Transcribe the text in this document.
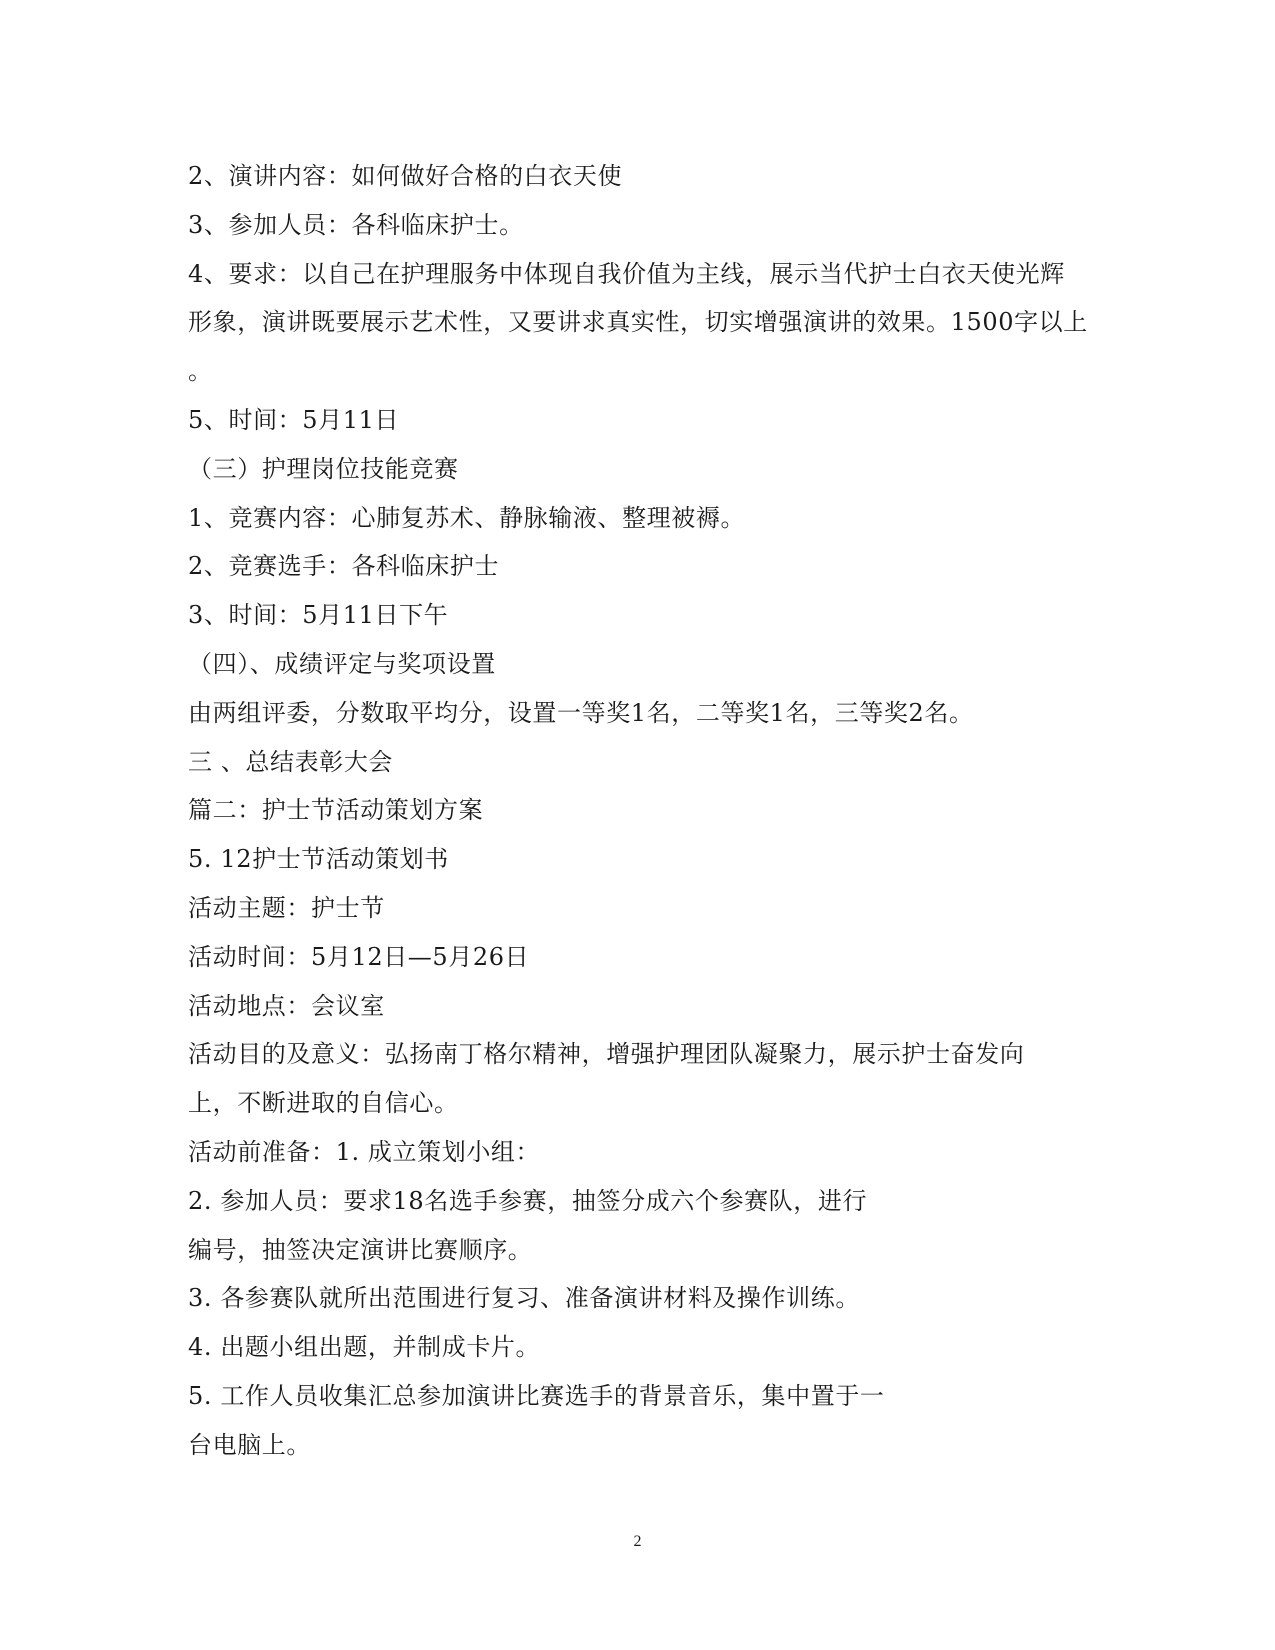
2、演讲内容：如何做好合格的白衣天使
3、参加人员：各科临床护士。
4、要求：以自己在护理服务中体现自我价值为主线，展示当代护士白衣天使光辉
形象，演讲既要展示艺术性，又要讲求真实性，切实增强演讲的效果。1500字以上
。
5、时间：5月11日
（三）护理岗位技能竞赛
1、竞赛内容：心肺复苏术、静脉输液、整理被褥。
2、竞赛选手：各科临床护士
3、时间：5月11日下午
（四）、成绩评定与奖项设置
由两组评委，分数取平均分，设置一等奖1名，二等奖1名，三等奖2名。
三 、总结表彰大会
篇二：护士节活动策划方案
5. 12护士节活动策划书
活动主题：护士节
活动时间：5月12日—5月26日
活动地点：会议室
活动目的及意义：弘扬南丁格尔精神，增强护理团队凝聚力，展示护士奋发向
上，不断进取的自信心。
活动前准备：1. 成立策划小组：
2. 参加人员：要求18名选手参赛，抽签分成六个参赛队，进行
编号，抽签决定演讲比赛顺序。
3. 各参赛队就所出范围进行复习、准备演讲材料及操作训练。
4. 出题小组出题，并制成卡片。
5. 工作人员收集汇总参加演讲比赛选手的背景音乐，集中置于一
台电脑上。
2
